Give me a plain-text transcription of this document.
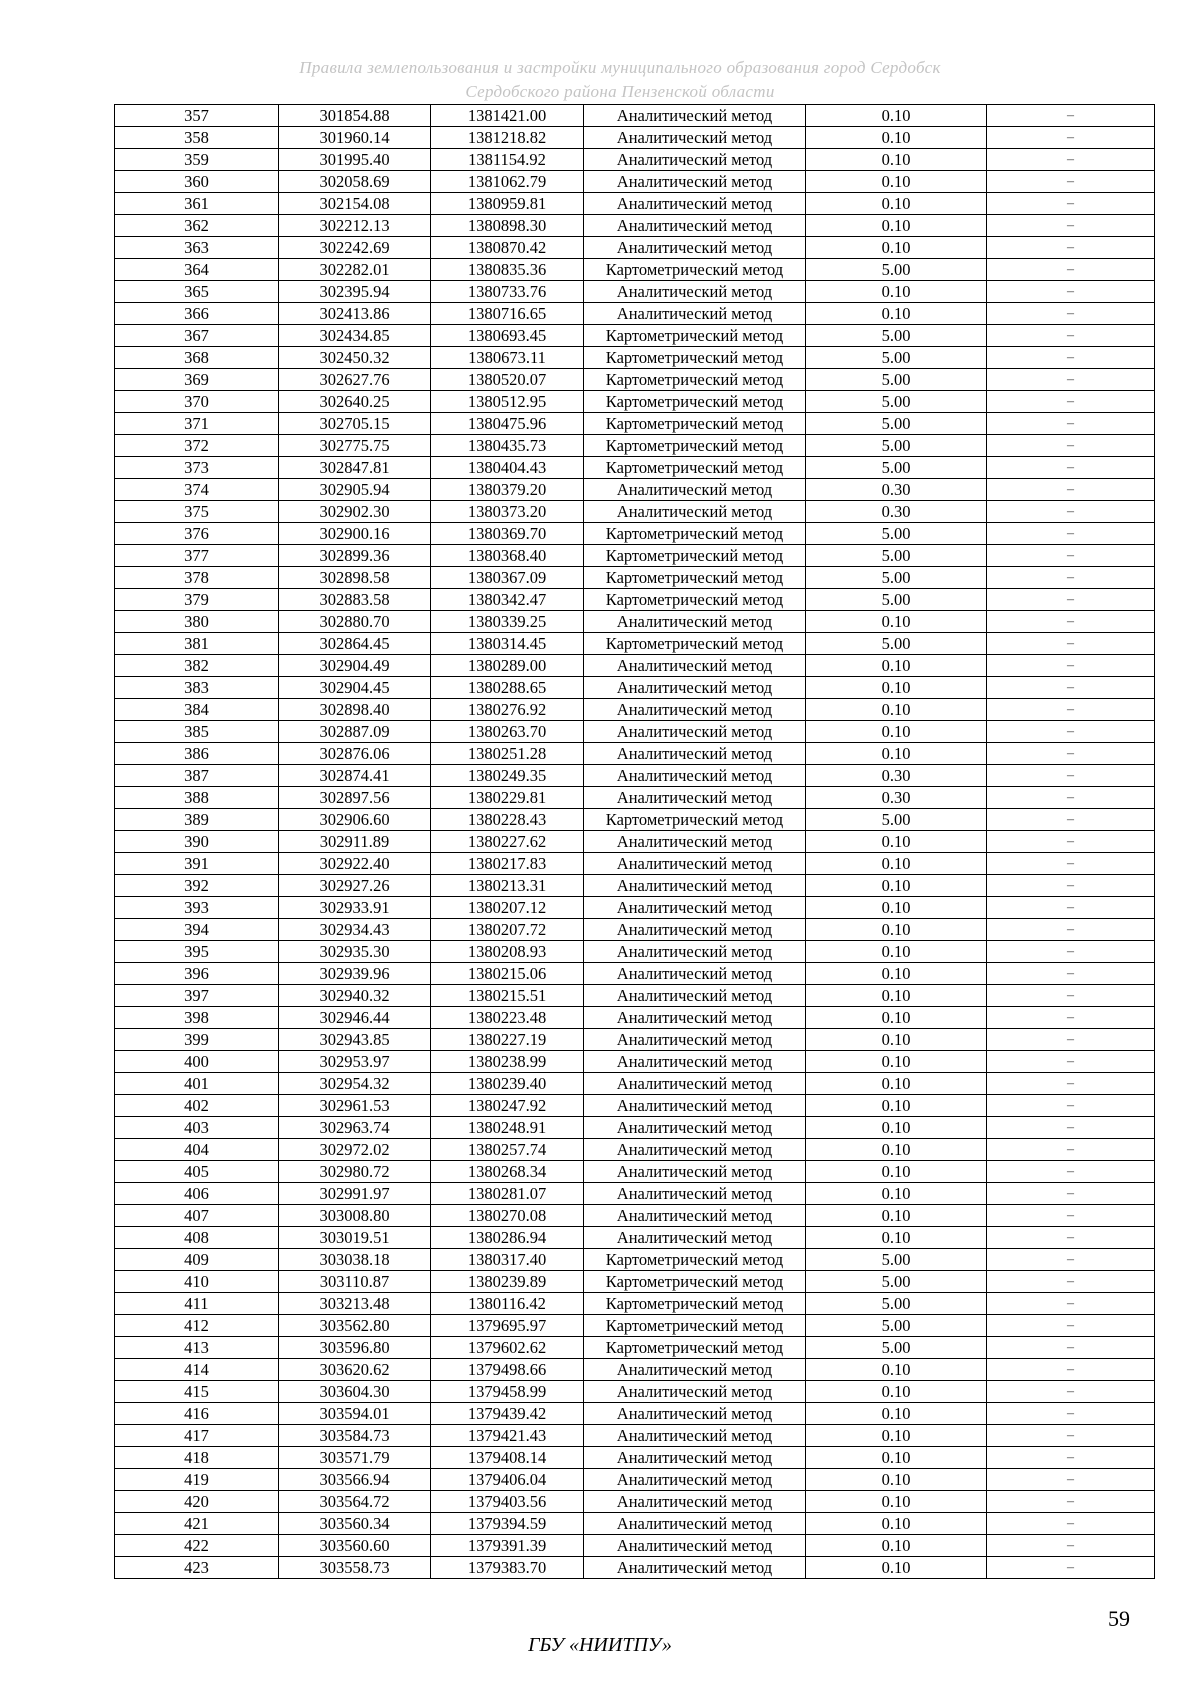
Правила землепользования и застройки муниципального образования город Сердобск
Сердобского района Пензенской области
357	301854.88	1381421.00	Аналитический метод	0.10	–
358	301960.14	1381218.82	Аналитический метод	0.10	–
359	301995.40	1381154.92	Аналитический метод	0.10	–
360	302058.69	1381062.79	Аналитический метод	0.10	–
361	302154.08	1380959.81	Аналитический метод	0.10	–
362	302212.13	1380898.30	Аналитический метод	0.10	–
363	302242.69	1380870.42	Аналитический метод	0.10	–
364	302282.01	1380835.36	Картометрический метод	5.00	–
365	302395.94	1380733.76	Аналитический метод	0.10	–
366	302413.86	1380716.65	Аналитический метод	0.10	–
367	302434.85	1380693.45	Картометрический метод	5.00	–
368	302450.32	1380673.11	Картометрический метод	5.00	–
369	302627.76	1380520.07	Картометрический метод	5.00	–
370	302640.25	1380512.95	Картометрический метод	5.00	–
371	302705.15	1380475.96	Картометрический метод	5.00	–
372	302775.75	1380435.73	Картометрический метод	5.00	–
373	302847.81	1380404.43	Картометрический метод	5.00	–
374	302905.94	1380379.20	Аналитический метод	0.30	–
375	302902.30	1380373.20	Аналитический метод	0.30	–
376	302900.16	1380369.70	Картометрический метод	5.00	–
377	302899.36	1380368.40	Картометрический метод	5.00	–
378	302898.58	1380367.09	Картометрический метод	5.00	–
379	302883.58	1380342.47	Картометрический метод	5.00	–
380	302880.70	1380339.25	Аналитический метод	0.10	–
381	302864.45	1380314.45	Картометрический метод	5.00	–
382	302904.49	1380289.00	Аналитический метод	0.10	–
383	302904.45	1380288.65	Аналитический метод	0.10	–
384	302898.40	1380276.92	Аналитический метод	0.10	–
385	302887.09	1380263.70	Аналитический метод	0.10	–
386	302876.06	1380251.28	Аналитический метод	0.10	–
387	302874.41	1380249.35	Аналитический метод	0.30	–
388	302897.56	1380229.81	Аналитический метод	0.30	–
389	302906.60	1380228.43	Картометрический метод	5.00	–
390	302911.89	1380227.62	Аналитический метод	0.10	–
391	302922.40	1380217.83	Аналитический метод	0.10	–
392	302927.26	1380213.31	Аналитический метод	0.10	–
393	302933.91	1380207.12	Аналитический метод	0.10	–
394	302934.43	1380207.72	Аналитический метод	0.10	–
395	302935.30	1380208.93	Аналитический метод	0.10	–
396	302939.96	1380215.06	Аналитический метод	0.10	–
397	302940.32	1380215.51	Аналитический метод	0.10	–
398	302946.44	1380223.48	Аналитический метод	0.10	–
399	302943.85	1380227.19	Аналитический метод	0.10	–
400	302953.97	1380238.99	Аналитический метод	0.10	–
401	302954.32	1380239.40	Аналитический метод	0.10	–
402	302961.53	1380247.92	Аналитический метод	0.10	–
403	302963.74	1380248.91	Аналитический метод	0.10	–
404	302972.02	1380257.74	Аналитический метод	0.10	–
405	302980.72	1380268.34	Аналитический метод	0.10	–
406	302991.97	1380281.07	Аналитический метод	0.10	–
407	303008.80	1380270.08	Аналитический метод	0.10	–
408	303019.51	1380286.94	Аналитический метод	0.10	–
409	303038.18	1380317.40	Картометрический метод	5.00	–
410	303110.87	1380239.89	Картометрический метод	5.00	–
411	303213.48	1380116.42	Картометрический метод	5.00	–
412	303562.80	1379695.97	Картометрический метод	5.00	–
413	303596.80	1379602.62	Картометрический метод	5.00	–
414	303620.62	1379498.66	Аналитический метод	0.10	–
415	303604.30	1379458.99	Аналитический метод	0.10	–
416	303594.01	1379439.42	Аналитический метод	0.10	–
417	303584.73	1379421.43	Аналитический метод	0.10	–
418	303571.79	1379408.14	Аналитический метод	0.10	–
419	303566.94	1379406.04	Аналитический метод	0.10	–
420	303564.72	1379403.56	Аналитический метод	0.10	–
421	303560.34	1379394.59	Аналитический метод	0.10	–
422	303560.60	1379391.39	Аналитический метод	0.10	–
423	303558.73	1379383.70	Аналитический метод	0.10	–
59
ГБУ «НИИТПУ»
